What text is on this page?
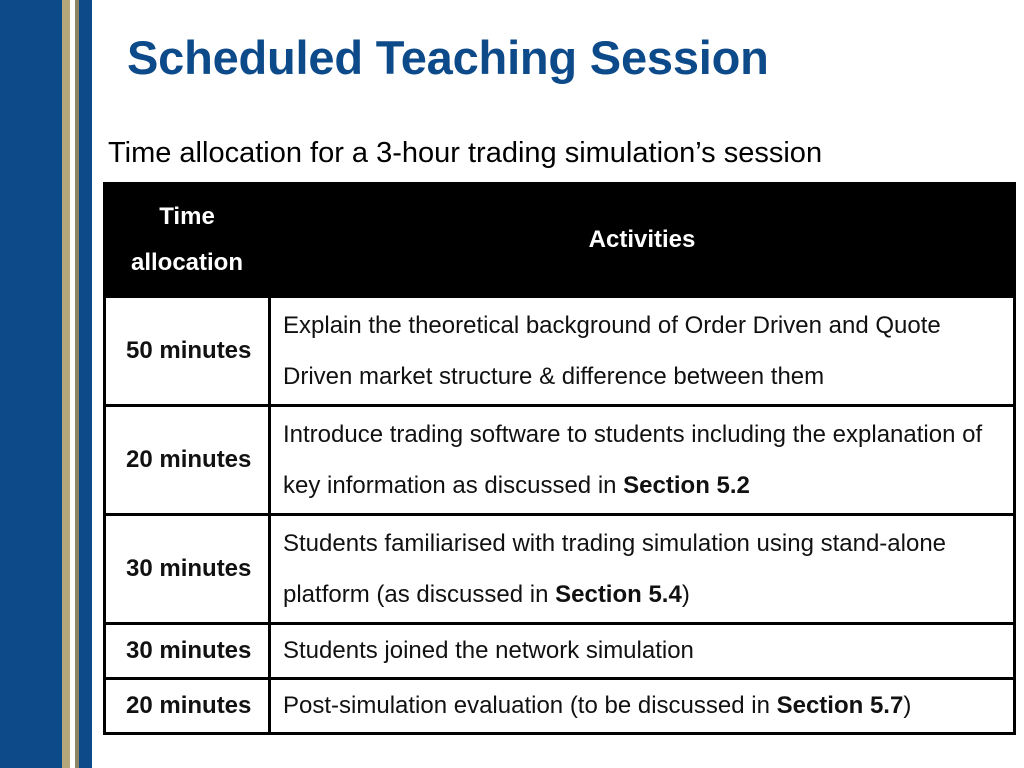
Scheduled Teaching Session
Time allocation for a 3-hour trading simulation’s session
Time
allocation	Activities
50 minutes	Explain the theoretical background of Order Driven and Quote Driven market structure & difference between them
20 minutes	Introduce trading software to students including the explanation of key information as discussed in Section 5.2
30 minutes	Students familiarised with trading simulation using stand-alone platform (as discussed in Section 5.4)
30 minutes	Students joined the network simulation
20 minutes	Post-simulation evaluation (to be discussed in Section 5.7)
